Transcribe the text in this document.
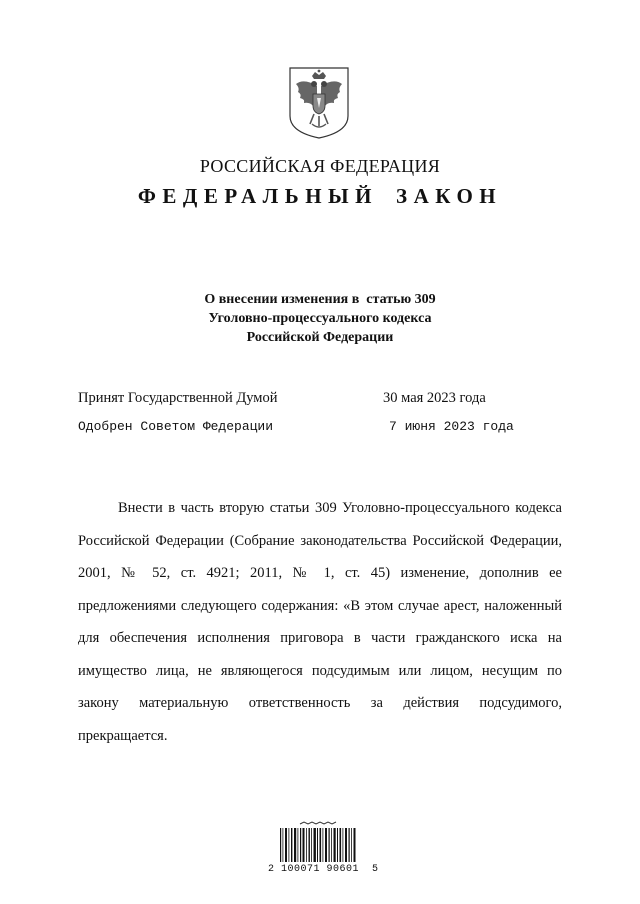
РОССИЙСКАЯ ФЕДЕРАЦИЯ
ФЕДЕРАЛЬНЫЙ ЗАКОН
О внесении изменения в  статью 309
Уголовно-процессуального кодекса
Российской Федерации
Принят Государственной Думой	30 мая 2023 года
Одобрен Советом Федерации	7 июня 2023 года

Внести в часть вторую статьи 309 Уголовно-процессуального кодекса Российской Федерации (Собрание законодательства Российской Федерации, 2001, № 52, ст. 4921; 2011, № 1, ст. 45) изменение, дополнив ее предложениями следующего содержания: «В этом случае арест, наложенный для обеспечения исполнения приговора в части гражданского иска на имущество лица, не являющегося подсудимым или лицом, несущим по закону материальную ответственность за действия подсудимого, прекращается.

2 100071 90601  5
